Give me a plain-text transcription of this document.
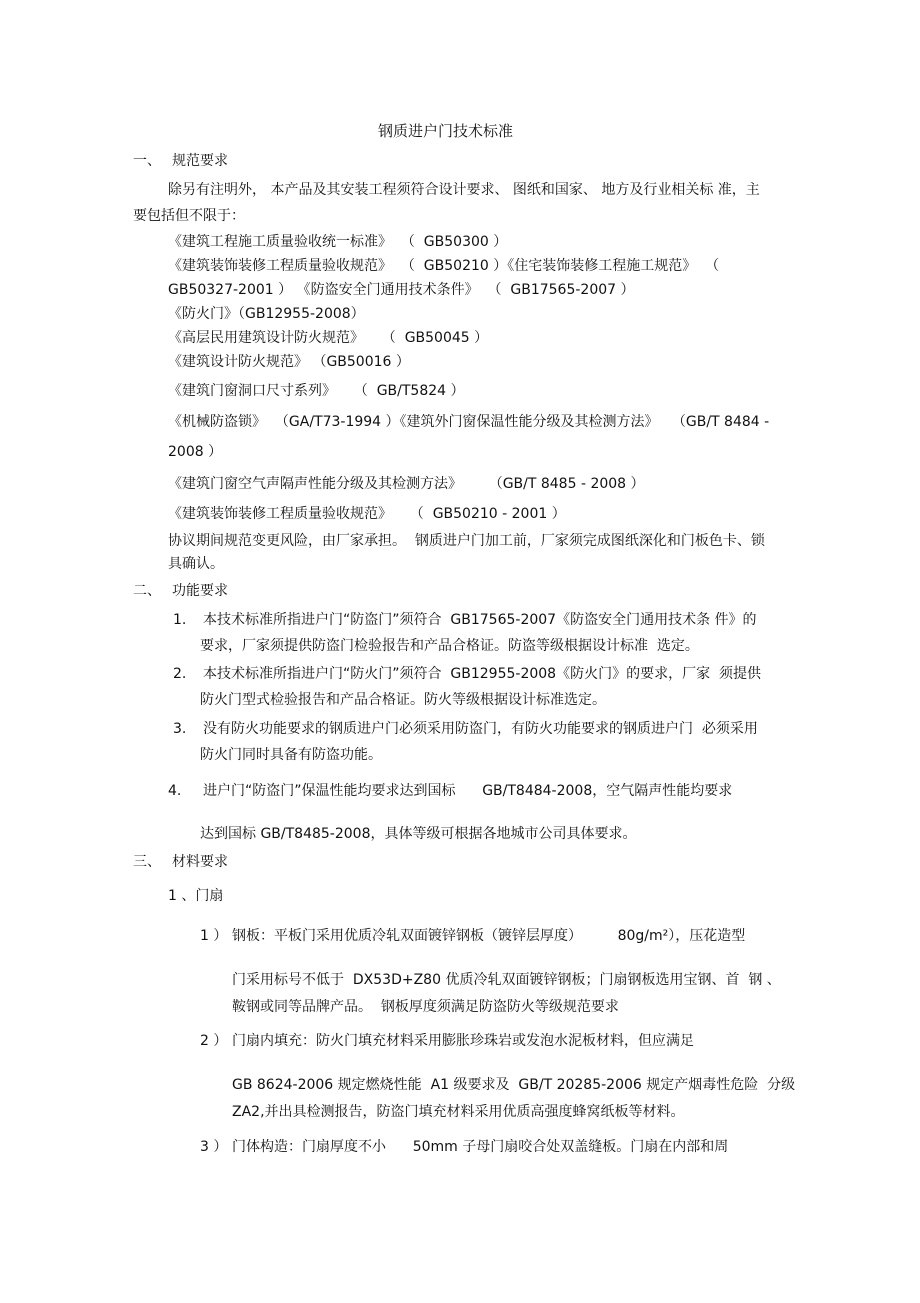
钢质进户门技术标准

一、 规范要求

除另有注明外， 本产品及其安装工程须符合设计要求、 图纸和国家、 地方及行业相关标 准，主

要包括但不限于：

《建筑工程施工质量验收统一标准》  （  GB50300 ）

《建筑装饰装修工程质量验收规范》  （  GB50210 ）《住宅装饰装修工程施工规范》  （

GB50327-2001 ） 《防盗安全门通用技术条件》  （  GB17565-2007 ）

《防火门》（GB12955-2008）

《高层民用建筑设计防火规范》    （  GB50045 ）

《建筑设计防火规范》 （GB50016 ）

《建筑门窗洞口尺寸系列》    （  GB/T5824 ）

《机械防盗锁》  （GA/T73-1994 ）《建筑外门窗保温性能分级及其检测方法》   （GB/T 8484 -

2008 ）

《建筑门窗空气声隔声性能分级及其检测方法》      （GB/T 8485 - 2008 ）

《建筑装饰装修工程质量验收规范》    （  GB50210 - 2001 ）

协议期间规范变更风险，由厂家承担。  钢质进户门加工前，厂家须完成图纸深化和门板色卡、锁

具确认。

二、 功能要求

1. 本技术标准所指进户门“防盗门”须符合  GB17565-2007《防盗安全门通用技术条 件》的

要求，厂家须提供防盗门检验报告和产品合格证。防盗等级根据设计标准  选定。

2. 本技术标准所指进户门“防火门”须符合  GB12955-2008《防火门》的要求，厂家  须提供

防火门型式检验报告和产品合格证。防火等级根据设计标准选定。

3. 没有防火功能要求的钢质进户门必须采用防盗门，有防火功能要求的钢质进户门  必须采用

防火门同时具备有防盗功能。

4. 进户门“防盗门”保温性能均要求达到国标      GB/T8484-2008，空气隔声性能均要求

达到国标 GB/T8485-2008，具体等级可根据各地城市公司具体要求。

三、 材料要求

1 、门扇

1 ） 钢板：平板门采用优质冷轧双面镀锌钢板（镀锌层厚度）        80g/m²），压花造型

门采用标号不低于  DX53D+Z80 优质冷轧双面镀锌钢板；门扇钢板选用宝钢、首  钢 、

鞍钢或同等品牌产品。  钢板厚度须满足防盗防火等级规范要求

2 ） 门扇内填充：防火门填充材料采用膨胀珍珠岩或发泡水泥板材料，但应满足

GB 8624-2006 规定燃烧性能  A1 级要求及  GB/T 20285-2006 规定产烟毒性危险  分级

ZA2,并出具检测报告，防盗门填充材料采用优质高强度蜂窝纸板等材料。

3 ） 门体构造：门扇厚度不小      50mm 子母门扇咬合处双盖缝板。门扇在内部和周
